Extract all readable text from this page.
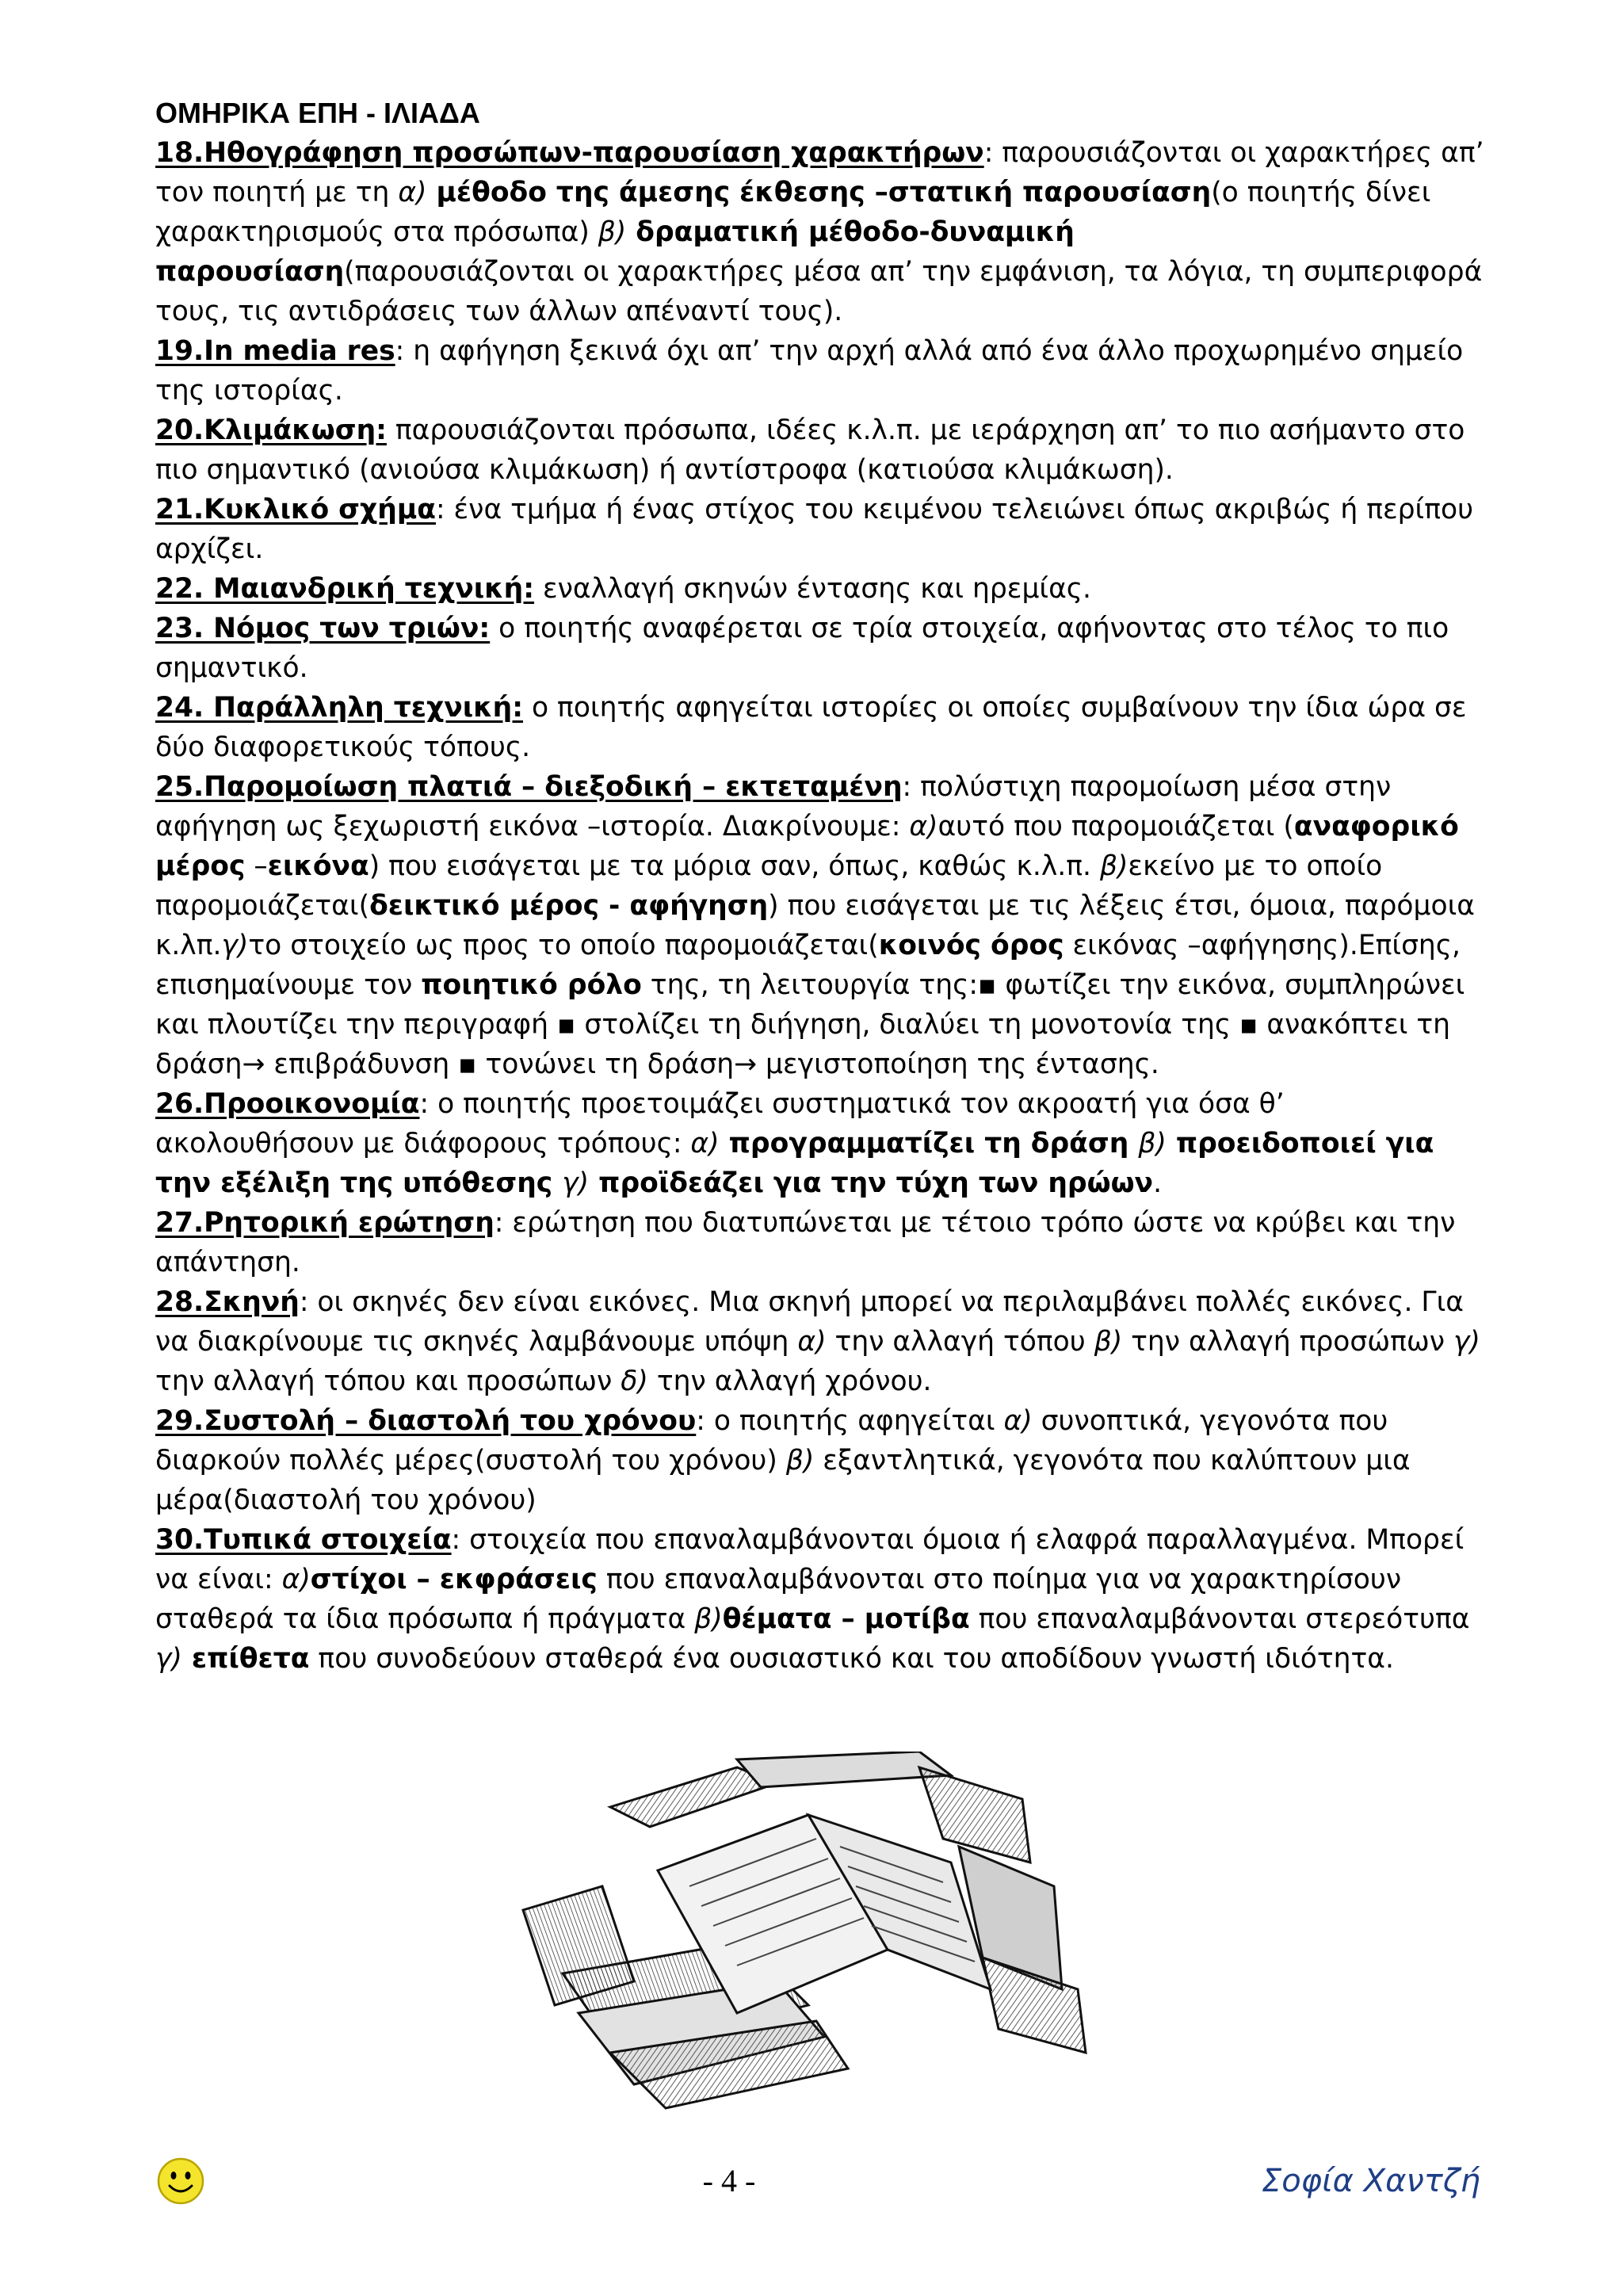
ΟΜΗΡΙΚΑ ΕΠΗ - ΙΛΙΑΔΑ

18.Ηθογράφηση προσώπων-παρουσίαση χαρακτήρων: παρουσιάζονται οι χαρακτήρες απ’ τον ποιητή με τη α) μέθοδο της άμεσης έκθεσης –στατική παρουσίαση(ο ποιητής δίνει χαρακτηρισμούς στα πρόσωπα) β) δραματική μέθοδο-δυναμική παρουσίαση(παρουσιάζονται οι χαρακτήρες μέσα απ’ την εμφάνιση, τα λόγια, τη συμπεριφορά τους, τις αντιδράσεις των άλλων απέναντί τους).

19.In media res: η αφήγηση ξεκινά όχι απ’ την αρχή αλλά από ένα άλλο προχωρημένο σημείο της ιστορίας.

20.Κλιμάκωση: παρουσιάζονται πρόσωπα, ιδέες κ.λ.π. με ιεράρχηση απ’ το πιο ασήμαντο στο πιο σημαντικό (ανιούσα κλιμάκωση) ή αντίστροφα (κατιούσα κλιμάκωση).

21.Κυκλικό σχήμα: ένα τμήμα ή ένας στίχος του κειμένου τελειώνει όπως ακριβώς ή περίπου αρχίζει.

22. Μαιανδρική τεχνική: εναλλαγή σκηνών έντασης και ηρεμίας.

23. Νόμος των τριών: ο ποιητής αναφέρεται σε τρία στοιχεία, αφήνοντας στο τέλος το πιο σημαντικό.

24. Παράλληλη τεχνική: ο ποιητής αφηγείται ιστορίες οι οποίες συμβαίνουν την ίδια ώρα σε δύο διαφορετικούς τόπους.

25.Παρομοίωση πλατιά – διεξοδική – εκτεταμένη: πολύστιχη παρομοίωση μέσα στην αφήγηση ως ξεχωριστή εικόνα –ιστορία. Διακρίνουμε: α)αυτό που παρομοιάζεται (αναφορικό μέρος –εικόνα) που εισάγεται με τα μόρια σαν, όπως, καθώς κ.λ.π. β)εκείνο με το οποίο παρομοιάζεται(δεικτικό μέρος - αφήγηση) που εισάγεται με τις λέξεις έτσι, όμοια, παρόμοια κ.λπ.γ)το στοιχείο ως προς το οποίο παρομοιάζεται(κοινός όρος εικόνας –αφήγησης).Επίσης, επισημαίνουμε τον ποιητικό ρόλο της, τη λειτουργία της:▪ φωτίζει την εικόνα, συμπληρώνει και πλουτίζει την περιγραφή ▪ στολίζει τη διήγηση, διαλύει τη μονοτονία της ▪ ανακόπτει τη δράση→ επιβράδυνση ▪ τονώνει τη δράση→ μεγιστοποίηση της έντασης.

26.Προοικονομία: ο ποιητής προετοιμάζει συστηματικά τον ακροατή για όσα θ’ ακολουθήσουν με διάφορους τρόπους: α) προγραμματίζει τη δράση β) προειδοποιεί για την εξέλιξη της υπόθεσης γ) προϊδεάζει για την τύχη των ηρώων.

27.Ρητορική ερώτηση: ερώτηση που διατυπώνεται με τέτοιο τρόπο ώστε να κρύβει και την απάντηση.

28.Σκηνή: οι σκηνές δεν είναι εικόνες. Μια σκηνή μπορεί να περιλαμβάνει πολλές εικόνες. Για να διακρίνουμε τις σκηνές λαμβάνουμε υπόψη α) την αλλαγή τόπου β) την αλλαγή προσώπων γ) την αλλαγή τόπου και προσώπων δ) την αλλαγή χρόνου.

29.Συστολή – διαστολή του χρόνου: ο ποιητής αφηγείται α) συνοπτικά, γεγονότα που διαρκούν πολλές μέρες(συστολή του χρόνου) β) εξαντλητικά, γεγονότα που καλύπτουν μια μέρα(διαστολή του χρόνου)

30.Τυπικά στοιχεία: στοιχεία που επαναλαμβάνονται όμοια ή ελαφρά παραλλαγμένα. Μπορεί να είναι: α)στίχοι – εκφράσεις που επαναλαμβάνονται στο ποίημα για να χαρακτηρίσουν σταθερά τα ίδια πρόσωπα ή πράγματα β)θέματα – μοτίβα που επαναλαμβάνονται στερεότυπα γ) επίθετα που συνοδεύουν σταθερά ένα ουσιαστικό και του αποδίδουν γνωστή ιδιότητα.

- 4 -	Σοφία Χαντζή
